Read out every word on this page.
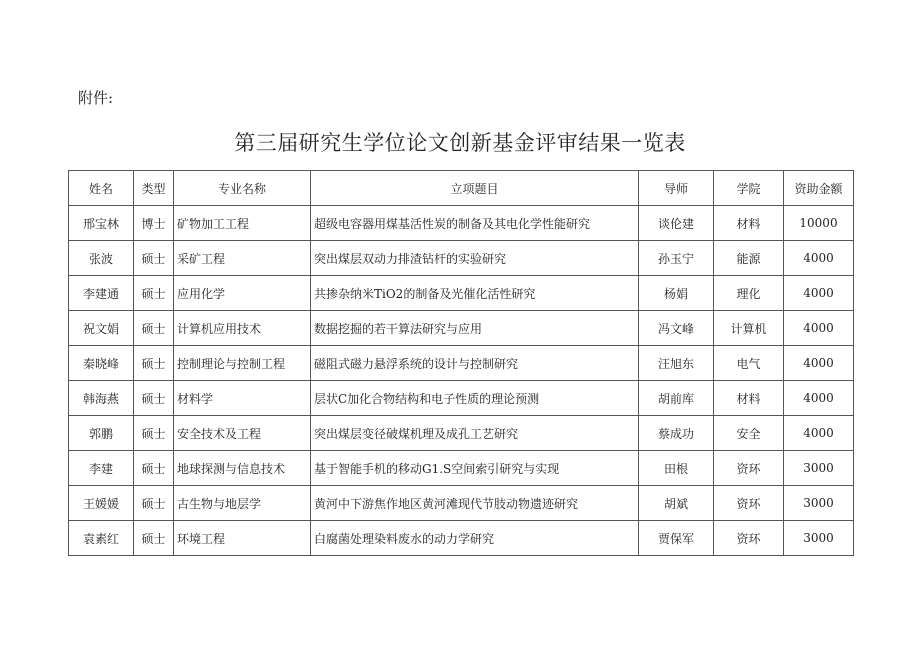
附件:
第三届研究生学位论文创新基金评审结果一览表
姓名	类型	专业名称	立项题目	导师	学院	资助金额
邢宝林	博士	矿物加工工程	超级电容器用煤基活性炭的制备及其电化学性能研究	谈伦建	材料	10000
张波	硕士	采矿工程	突出煤层双动力排渣钻杆的实验研究	孙玉宁	能源	4000
李建通	硕士	应用化学	共掺杂纳米TiO2的制备及光催化活性研究	杨娟	理化	4000
祝文娟	硕士	计算机应用技术	数据挖掘的若干算法研究与应用	冯文峰	计算机	4000
秦晓峰	硕士	控制理论与控制工程	磁阻式磁力悬浮系统的设计与控制研究	汪旭东	电气	4000
韩海燕	硕士	材料学	层状C加化合物结构和电子性质的理论预测	胡前库	材料	4000
郭鹏	硕士	安全技术及工程	突出煤层变径破煤机理及成孔工艺研究	蔡成功	安全	4000
李建	硕士	地球探测与信息技术	基于智能手机的移动G1.S空间索引研究与实现	田根	资环	3000
王媛媛	硕士	古生物与地层学	黄河中下游焦作地区黄河滩现代节肢动物遗迹研究	胡斌	资环	3000
袁素红	硕士	环境工程	白腐菌处理染料废水的动力学研究	贾保军	资环	3000
